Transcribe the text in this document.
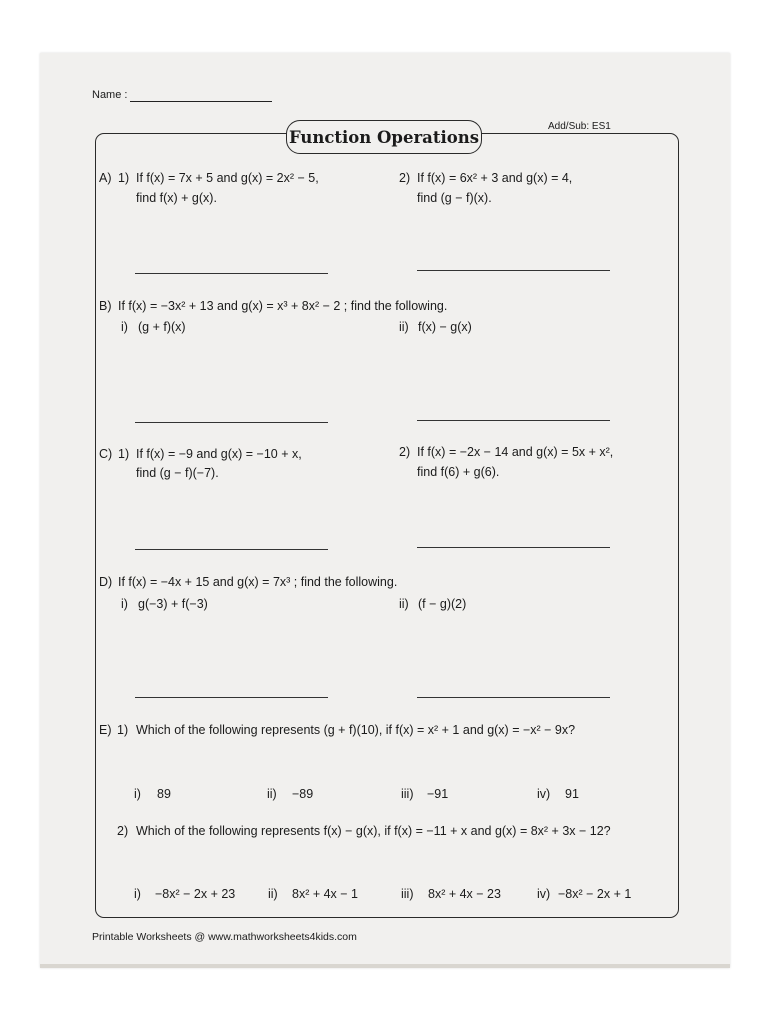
Name :
Add/Sub: ES1
Function Operations
A) 1) If f(x) = 7x + 5 and g(x) = 2x² − 5,
find f(x) + g(x).
2) If f(x) = 6x² + 3 and g(x) = 4,
find (g − f)(x).
B) If f(x) = −3x² + 13 and g(x) = x³ + 8x² − 2 ; find the following.
i) (g + f)(x)	ii) f(x) − g(x)
C) 1) If f(x) = −9 and g(x) = −10 + x,
find (g − f)(−7).
2) If f(x) = −2x − 14 and g(x) = 5x + x²,
find f(6) + g(6).
D) If f(x) = −4x + 15 and g(x) = 7x³ ; find the following.
i) g(−3) + f(−3)	ii) (f − g)(2)
E) 1) Which of the following represents (g + f)(10), if f(x) = x² + 1 and g(x) = −x² − 9x?
i) 89	ii) −89	iii) −91	iv) 91
2) Which of the following represents f(x) − g(x), if f(x) = −11 + x and g(x) = 8x² + 3x − 12?
i) −8x² − 2x + 23	ii) 8x² + 4x − 1	iii) 8x² + 4x − 23	iv) −8x² − 2x + 1
Printable Worksheets @ www.mathworksheets4kids.com
